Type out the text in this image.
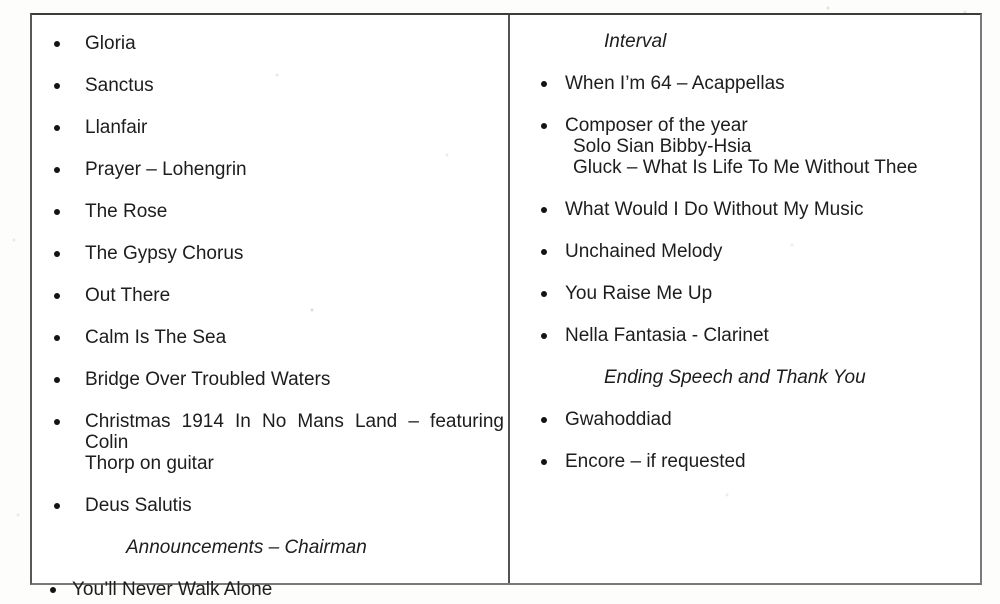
Gloria
Sanctus
Llanfair
Prayer – Lohengrin
The Rose
The Gypsy Chorus
Out There
Calm Is The Sea
Bridge Over Troubled Waters
Christmas 1914 In No Mans Land – featuring Colin
Thorp on guitar
Deus Salutis
Announcements – Chairman
You’ll Never Walk Alone
Interval
When I’m 64 – Acappellas
Composer of the year
Solo Sian Bibby-Hsia
Gluck – What Is Life To Me Without Thee
What Would I Do Without My Music
Unchained Melody
You Raise Me Up
Nella Fantasia - Clarinet
Ending Speech and Thank You
Gwahoddiad
Encore – if requested
